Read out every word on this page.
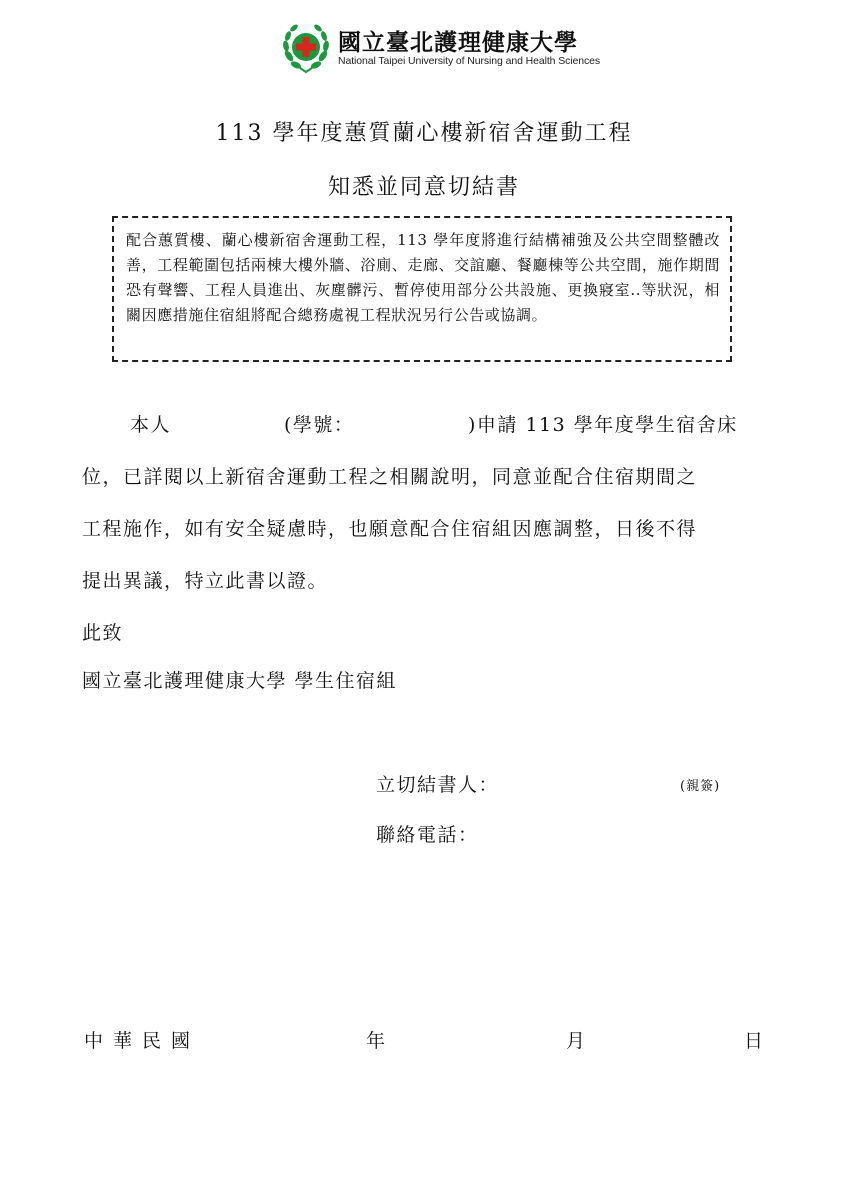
國立臺北護理健康大學
National Taipei University of Nursing and Health Sciences
113 學年度蕙質蘭心樓新宿舍運動工程
知悉並同意切結書
配合蕙質樓、蘭心樓新宿舍運動工程，113 學年度將進行結構補強及公共空間整體改善，工程範圍包括兩棟大樓外牆、浴廁、走廊、交誼廳、餐廳棟等公共空間，施作期間恐有聲響、工程人員進出、灰塵髒污、暫停使用部分公共設施、更換寢室..等狀況，相關因應措施住宿組將配合總務處視工程狀況另行公告或協調。
本人	(學號：	)申請 113 學年度學生宿舍床
位，已詳閱以上新宿舍運動工程之相關說明，同意並配合住宿期間之
工程施作，如有安全疑慮時，也願意配合住宿組因應調整，日後不得
提出異議，特立此書以證。
此致
國立臺北護理健康大學 學生住宿組
立切結書人：	(親簽)
聯絡電話：
中華民國	年	月	日
